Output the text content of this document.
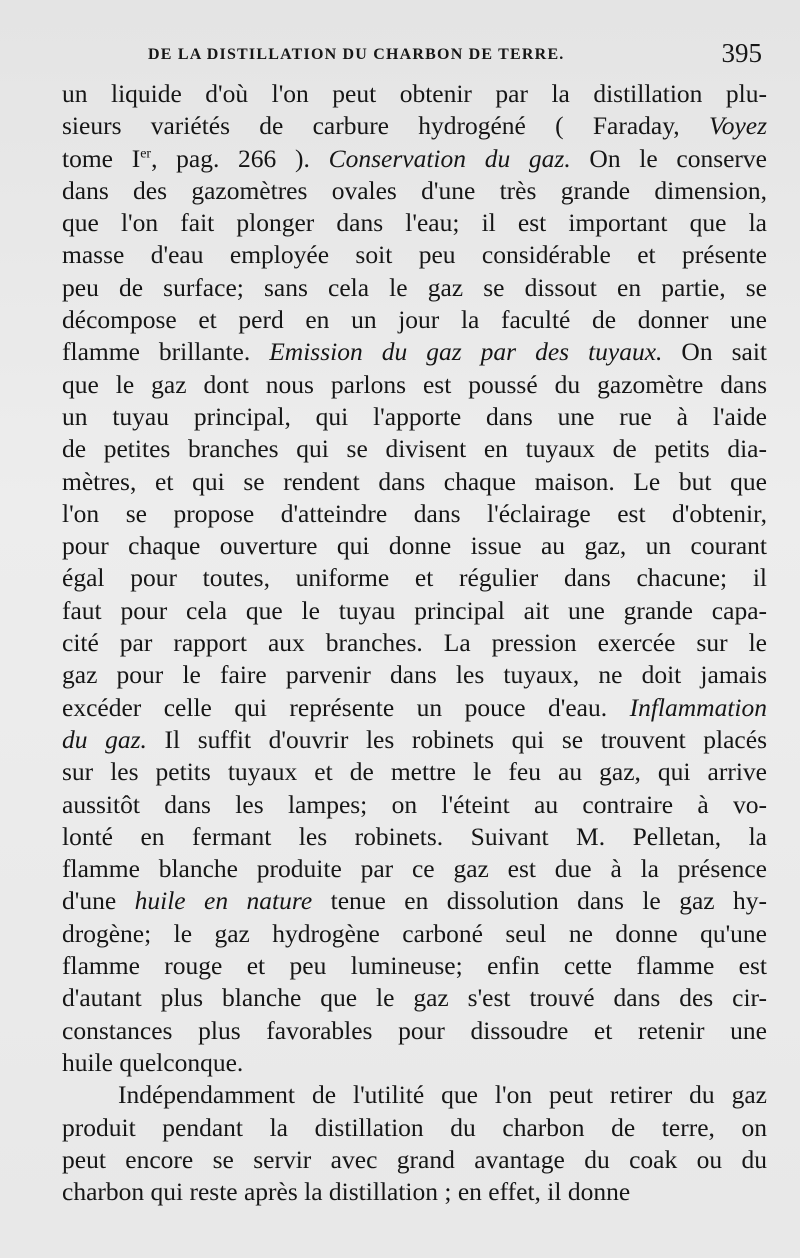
DE LA DISTILLATION DU CHARBON DE TERRE.	395
un liquide d'où l'on peut obtenir par la distillation plu-
sieurs variétés de carbure hydrogéné ( Faraday, Voyez
tome Ier, pag. 266 ). Conservation du gaz. On le conserve
dans des gazomètres ovales d'une très grande dimension,
que l'on fait plonger dans l'eau; il est important que la
masse d'eau employée soit peu considérable et présente
peu de surface; sans cela le gaz se dissout en partie, se
décompose et perd en un jour la faculté de donner une
flamme brillante. Emission du gaz par des tuyaux. On sait
que le gaz dont nous parlons est poussé du gazomètre dans
un tuyau principal, qui l'apporte dans une rue à l'aide
de petites branches qui se divisent en tuyaux de petits dia-
mètres, et qui se rendent dans chaque maison. Le but que
l'on se propose d'atteindre dans l'éclairage est d'obtenir,
pour chaque ouverture qui donne issue au gaz, un courant
égal pour toutes, uniforme et régulier dans chacune; il
faut pour cela que le tuyau principal ait une grande capa-
cité par rapport aux branches. La pression exercée sur le
gaz pour le faire parvenir dans les tuyaux, ne doit jamais
excéder celle qui représente un pouce d'eau. Inflammation
du gaz. Il suffit d'ouvrir les robinets qui se trouvent placés
sur les petits tuyaux et de mettre le feu au gaz, qui arrive
aussitôt dans les lampes; on l'éteint au contraire à vo-
lonté en fermant les robinets. Suivant M. Pelletan, la
flamme blanche produite par ce gaz est due à la présence
d'une huile en nature tenue en dissolution dans le gaz hy-
drogène; le gaz hydrogène carboné seul ne donne qu'une
flamme rouge et peu lumineuse; enfin cette flamme est
d'autant plus blanche que le gaz s'est trouvé dans des cir-
constances plus favorables pour dissoudre et retenir une
huile quelconque.
Indépendamment de l'utilité que l'on peut retirer du gaz
produit pendant la distillation du charbon de terre, on
peut encore se servir avec grand avantage du coak ou du
charbon qui reste après la distillation ; en effet, il donne
